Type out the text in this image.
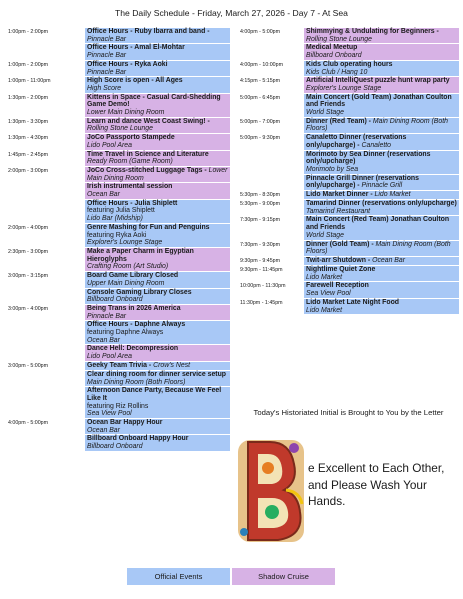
The Daily Schedule - Friday, March 27, 2026 - Day 7 - At Sea
1:00pm - 2:00pm	Office Hours - Ruby Ibarra and band - Pinnacle Bar
Office Hours - Amal El-Mohtar
Pinnacle Bar
1:00pm - 2:00pm	Office Hours - Ryka Aoki
Pinnacle Bar
1:00pm - 11:00pm	High Score is open - All Ages
High Score
1:30pm - 2:00pm	Kittens in Space - Casual Card-Shedding Game Demo!
Lower Main Dining Room
1:30pm - 3:30pm	Learn and dance West Coast Swing! - Rolling Stone Lounge
1:30pm - 4:30pm	JoCo Passporto Stampede
Lido Pool Area
1:45pm - 2:45pm	Time Travel in Science and Literature
Ready Room (Game Room)
2:00pm - 3:00pm	JoCo Cross-stitched Luggage Tags - Lower Main Dining Room
Irish instrumental session
Ocean Bar
Office Hours - Julia Shiplett
featuring Julia Shiplett
Lido Bar (Midship)
2:00pm - 4:00pm	Genre Mashing for Fun and Penguins
featuring Ryka Aoki
Explorer's Lounge Stage
2:30pm - 3:00pm	Make a Paper Charm in Egyptian Hieroglyphs
Crafting Room (Art Studio)
3:00pm - 3:15pm	Board Game Library Closed
Upper Main Dining Room
Console Gaming Library Closes
Billboard Onboard
3:00pm - 4:00pm	Being Trans in 2026 America
Pinnacle Bar
Office Hours - Daphne Always
featuring Daphne Always
Ocean Bar
Dance Hell: Decompression
Lido Pool Area
3:00pm - 5:00pm	Geeky Team Trivia - Crow's Nest
Clear dining room for dinner service setup
Main Dining Room (Both Floors)
Afternoon Dance Party, Because We Feel Like It
featuring Riz Rollins
Sea View Pool
4:00pm - 5:00pm	Ocean Bar Happy Hour
Ocean Bar
Billboard Onboard Happy Hour
Billboard Onboard
4:00pm - 5:00pm	Shimmying & Undulating for Beginners - Rolling Stone Lounge
Medical Meetup
Billboard Onboard
4:00pm - 10:00pm	Kids Club operating hours
Kids Club / Hang 10
4:15pm - 5:15pm	Artificial IntelliQuest puzzle hunt wrap party
Explorer's Lounge Stage
5:00pm - 6:45pm	Main Concert (Gold Team) Jonathan Coulton and Friends
World Stage
5:00pm - 7:00pm	Dinner (Red Team) - Main Dining Room (Both Floors)
5:00pm - 9:30pm	Canaletto Dinner (reservations only/upcharge) - Canaletto
Morimoto by Sea Dinner (reservations only/upcharge)
Morimoto by Sea
Pinnacle Grill Dinner (reservations only/upcharge) - Pinnacle Grill
5:30pm - 8:30pm	Lido Market Dinner - Lido Market
5:30pm - 9:00pm	Tamarind Dinner (reservations only/upcharge)
Tamarind Restaurant
7:30pm - 9:15pm	Main Concert (Red Team) Jonathan Coulton and Friends
World Stage
7:30pm - 9:30pm	Dinner (Gold Team) - Main Dining Room (Both Floors)
9:30pm - 9:45pm	Twit-arr Shutdown - Ocean Bar
9:30pm - 11:45pm	Nightlime Quiet Zone
Lido Market
10:00pm - 11:30pm	Farewell Reception
Sea View Pool
11:30pm - 1:45pm	Lido Market Late Night Food
Lido Market
Today's Historiated Initial is Brought to You by the Letter
e Excellent to Each Other, and Please Wash Your Hands.
Official Events	Shadow Cruise
